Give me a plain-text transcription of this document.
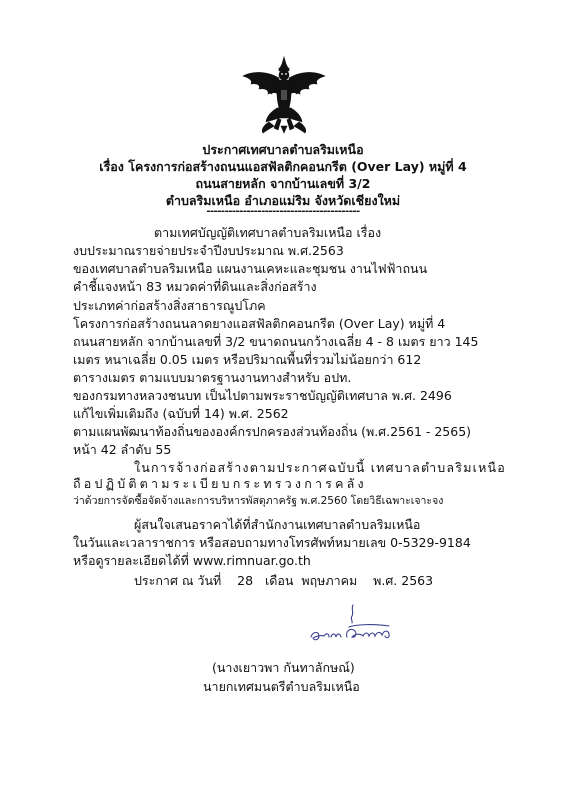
ประกาศเทศบาลตำบลริมเหนือ
เรื่อง โครงการก่อสร้างถนนแอสฟัลติกคอนกรีต (Over Lay) หมู่ที่ 4
ถนนสายหลัก จากบ้านเลขที่ 3/2
ตำบลริมเหนือ อำเภอแม่ริม จังหวัดเชียงใหม่
------------------------------------------
ตามเทศบัญญัติเทศบาลตำบลริมเหนือ เรื่อง
งบประมาณรายจ่ายประจำปีงบประมาณ พ.ศ.2563
ของเทศบาลตำบลริมเหนือ แผนงานเคหะและชุมชน งานไฟฟ้าถนน
คำชี้แจงหน้า 83 หมวดค่าที่ดินและสิ่งก่อสร้าง
ประเภทค่าก่อสร้างสิ่งสาธารณูปโภค
โครงการก่อสร้างถนนลาดยางแอสฟัลติกคอนกรีต (Over Lay) หมู่ที่ 4
ถนนสายหลัก จากบ้านเลขที่ 3/2 ขนาดถนนกว้างเฉลี่ย 4 - 8 เมตร ยาว 145
เมตร หนาเฉลี่ย 0.05 เมตร หรือปริมาณพื้นที่รวมไม่น้อยกว่า 612
ตารางเมตร ตามแบบมาตรฐานงานทางสำหรับ อปท.
ของกรมทางหลวงชนบท เป็นไปตามพระราชบัญญัติเทศบาล พ.ศ. 2496
แก้ไขเพิ่มเติมถึง (ฉบับที่ 14) พ.ศ. 2562
ตามแผนพัฒนาท้องถิ่นขององค์กรปกครองส่วนท้องถิ่น (พ.ศ.2561 - 2565)
หน้า 42 ลำดับ 55
ในการจ้างก่อสร้างตามประกาศฉบับนี้ เทศบาลตำบลริมเหนือ
ถือปฏิบัติตามระเบียบกระทรวงการคลัง
ว่าด้วยการจัดซื้อจัดจ้างและการบริหารพัสดุภาครัฐ พ.ศ.2560 โดยวิธีเฉพาะเจาะจง
ผู้สนใจเสนอราคาได้ที่สำนักงานเทศบาลตำบลริมเหนือ
ในวันและเวลาราชการ หรือสอบถามทางโทรศัพท์หมายเลข 0-5329-9184
หรือดูรายละเอียดได้ที่ www.rimnuar.go.th
ประกาศ ณ วันที่    28   เดือน  พฤษภาคม    พ.ศ. 2563
(นางเยาวพา กันทาลักษณ์)
นายกเทศมนตรีตำบลริมเหนือ
